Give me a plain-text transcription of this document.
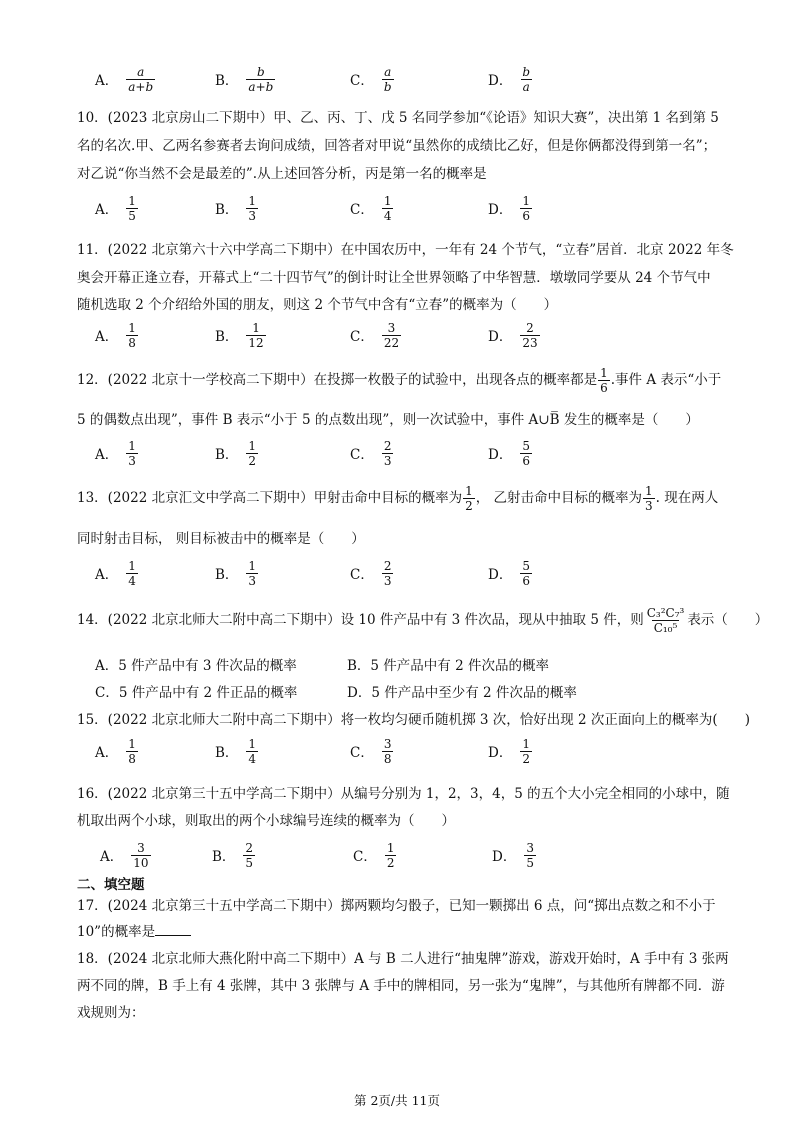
A． $\frac{a}{a+b}$	B． $\frac{b}{a+b}$	C． $\frac{a}{b}$	D． $\frac{b}{a}$
10．(2023 北京房山二下期中）甲、乙、丙、丁、戊 5 名同学参加“《论语》知识大赛”，决出第 1 名到第 5
名的名次.甲、乙两名参赛者去询问成绩，回答者对甲说“虽然你的成绩比乙好，但是你俩都没得到第一名”；
对乙说“你当然不会是最差的”.从上述回答分析，丙是第一名的概率是
A． $\frac{1}{5}$	B． $\frac{1}{3}$	C． $\frac{1}{4}$	D． $\frac{1}{6}$
11．(2022 北京第六十六中学高二下期中）在中国农历中，一年有 24 个节气，“立春”居首．北京 2022 年冬
奥会开幕正逢立春，开幕式上“二十四节气”的倒计时让全世界领略了中华智慧．墩墩同学要从 24 个节气中
随机选取 2 个介绍给外国的朋友，则这 2 个节气中含有“立春”的概率为（　　）
A． $\frac{1}{8}$	B． $\frac{1}{12}$	C． $\frac{3}{22}$	D． $\frac{2}{23}$
12．(2022 北京十一学校高二下期中）在投掷一枚骰子的试验中，出现各点的概率都是 $\frac{1}{6}$ .事件 A 表示“小于
5 的偶数点出现”，事件 B 表示“小于 5 的点数出现”，则一次试验中，事件 A∪B̅ 发生的概率是（　　）
A． $\frac{1}{3}$	B． $\frac{1}{2}$	C． $\frac{2}{3}$	D． $\frac{5}{6}$
13．(2022 北京汇文中学高二下期中）甲射击命中目标的概率为 $\frac{1}{2}$ ， 乙射击命中目标的概率为 $\frac{1}{3}$ . 现在两人
同时射击目标， 则目标被击中的概率是（　　）
A． $\frac{1}{4}$	B． $\frac{1}{3}$	C． $\frac{2}{3}$	D． $\frac{5}{6}$
14．(2022 北京北师大二附中高二下期中）设 10 件产品中有 3 件次品，现从中抽取 5 件，则 $\frac{\text{C₃²C₇³}}{\text{C₁₀⁵}}$ 表示（　　）
A．5 件产品中有 3 件次品的概率	B．5 件产品中有 2 件次品的概率
C．5 件产品中有 2 件正品的概率	D．5 件产品中至少有 2 件次品的概率
15．(2022 北京北师大二附中高二下期中）将一枚均匀硬币随机掷 3 次，恰好出现 2 次正面向上的概率为(　　)
A． $\frac{1}{8}$	B． $\frac{1}{4}$	C． $\frac{3}{8}$	D． $\frac{1}{2}$
16．(2022 北京第三十五中学高二下期中）从编号分别为 1，2，3，4，5 的五个大小完全相同的小球中，随
机取出两个小球，则取出的两个小球编号连续的概率为（　　）
A． $\frac{3}{10}$	B． $\frac{2}{5}$	C． $\frac{1}{2}$	D． $\frac{3}{5}$
二、填空题
17．(2024 北京第三十五中学高二下期中）掷两颗均匀骰子，已知一颗掷出 6 点，问“掷出点数之和不小于
10”的概率是
18．(2024 北京北师大燕化附中高二下期中）A 与 B 二人进行“抽鬼牌”游戏，游戏开始时，A 手中有 3 张两
两不同的牌，B 手上有 4 张牌，其中 3 张牌与 A 手中的牌相同，另一张为“鬼牌”，与其他所有牌都不同．游
戏规则为：
第 2页/共 11页
